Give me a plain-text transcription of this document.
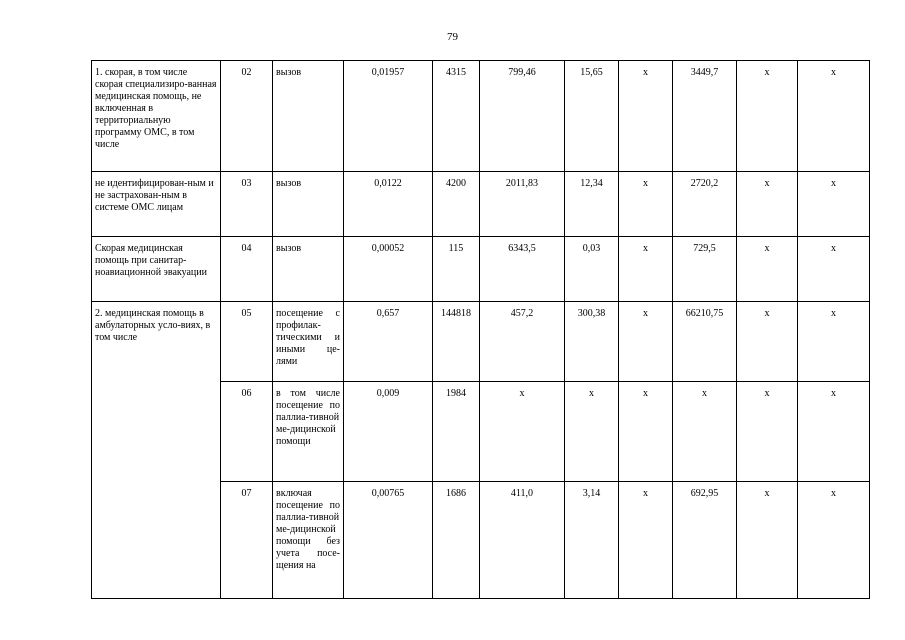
79
1. скорая, в том числе скорая специализиро-ванная медицинская помощь, не включенная в территориальную программу ОМС, в том числе	02	вызов	0,01957	4315	799,46	15,65	х	3449,7	х	х
не идентифицирован-ным и не застрахован-ным в системе ОМС лицам	03	вызов	0,0122	4200	2011,83	12,34	х	2720,2	х	х
Скорая медицинская помощь при санитар-ноавиационной эвакуации	04	вызов	0,00052	115	6343,5	0,03	х	729,5	х	х
2. медицинская помощь в амбулаторных усло-виях, в том числе	05	посещение с профилак-тическими и иными це-лями	0,657	144818	457,2	300,38	х	66210,75	х	х
	06	в том числе посещение по паллиа-тивной ме-дицинской помощи	0,009	1984	х	х	х	х	х	х
	07	включая посещение по паллиа-тивной ме-дицинской помощи без учета посе-щения на	0,00765	1686	411,0	3,14	х	692,95	х	х
